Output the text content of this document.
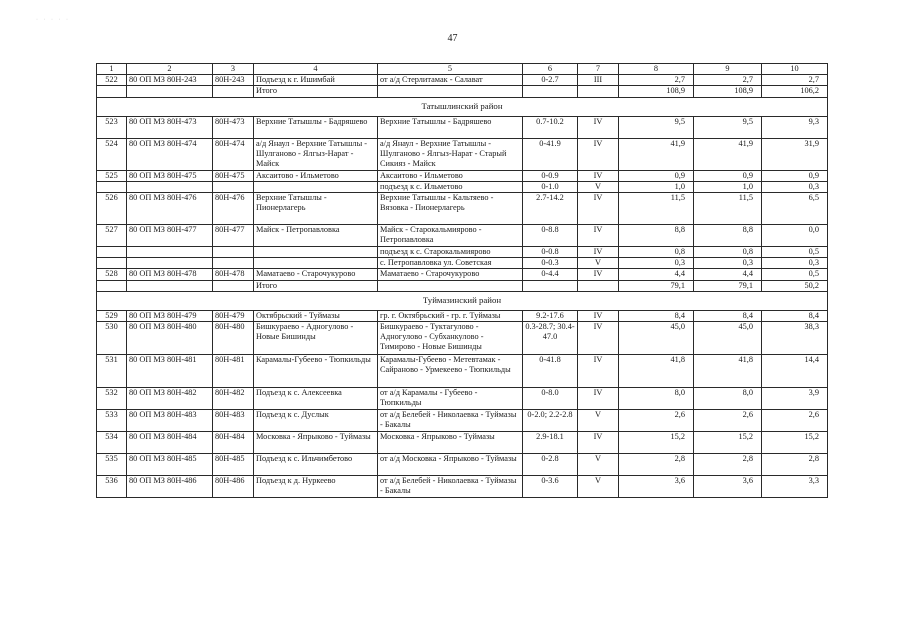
· · · · ·
47
1	2	3	4	5	6	7	8	9	10
522	80 ОП МЗ 80Н-243	80Н-243	Подъезд к г. Ишимбай	от а/д Стерлитамак - Салават	0-2.7	III	2,7	2,7	2,7
			Итого				108,9	108,9	106,2
Татышлинский район									
523	80 ОП МЗ 80Н-473	80Н-473	Верхние Татышлы - Бадряшево	Верхние Татышлы - Бадряшево	0.7-10.2	IV	9,5	9,5	9,3
524	80 ОП МЗ 80Н-474	80Н-474	а/д Янаул - Верхние Татышлы - Шулганово - Ялгыз-Нарат - Майск	а/д Янаул - Верхние Татышлы - Шулганово - Ялгыз-Нарат - Старый Сикияз - Майск	0-41.9	IV	41,9	41,9	31,9
525	80 ОП МЗ 80Н-475	80Н-475	Аксаитово - Ильметово	Аксаитово - Ильметово	0-0.9	IV	0,9	0,9	0,9
				подъезд к с. Ильметово	0-1.0	V	1,0	1,0	0,3
526	80 ОП МЗ 80Н-476	80Н-476	Верхние Татышлы - Пионерлагерь	Верхние Татышлы - Кальтяево - Вязовка - Пионерлагерь	2.7-14.2	IV	11,5	11,5	6,5
527	80 ОП МЗ 80Н-477	80Н-477	Майск - Петропавловка	Майск - Старокальмиярово - Петропавловка	0-8.8	IV	8,8	8,8	0,0
				подъезд к с. Старокальмиярово	0-0.8	IV	0,8	0,8	0,5
				с. Петропавловка ул. Советская	0-0.3	V	0,3	0,3	0,3
528	80 ОП МЗ 80Н-478	80Н-478	Маматаево - Старочукурово	Маматаево - Старочукурово	0-4.4	IV	4,4	4,4	0,5
			Итого				79,1	79,1	50,2
Туймазинский район									
529	80 ОП МЗ 80Н-479	80Н-479	Октябрьский - Туймазы	гр. г. Октябрьский - гр. г. Туймазы	9.2-17.6	IV	8,4	8,4	8,4
530	80 ОП МЗ 80Н-480	80Н-480	Бишкураево - Адногулово - Новые Бишинды	Бишкураево - Туктагулово - Адногулово - Субханкулово - Тимирово - Новые Бишинды	0.3-28.7; 30.4-47.0	IV	45,0	45,0	38,3
531	80 ОП МЗ 80Н-481	80Н-481	Карамалы-Губеево - Тюпкильды	Карамалы-Губеево - Метевтамак - Сайраново - Урмекеево - Тюпкильды	0-41.8	IV	41,8	41,8	14,4
532	80 ОП МЗ 80Н-482	80Н-482	Подъезд к с. Алексеевка	от а/д Карамалы - Губеево - Тюпкильды	0-8.0	IV	8,0	8,0	3,9
533	80 ОП МЗ 80Н-483	80Н-483	Подъезд к с. Дуслык	от а/д Белебей - Николаевка - Туймазы - Бакалы	0-2.0; 2.2-2.8	V	2,6	2,6	2,6
534	80 ОП МЗ 80Н-484	80Н-484	Московка - Япрыково - Туймазы	Московка - Япрыково - Туймазы	2.9-18.1	IV	15,2	15,2	15,2
535	80 ОП МЗ 80Н-485	80Н-485	Подъезд к с. Ильчимбетово	от а/д Московка - Япрыково - Туймазы	0-2.8	V	2,8	2,8	2,8
536	80 ОП МЗ 80Н-486	80Н-486	Подъезд к д. Нуркеево	от а/д Белебей - Николаевка - Туймазы - Бакалы	0-3.6	V	3,6	3,6	3,3
